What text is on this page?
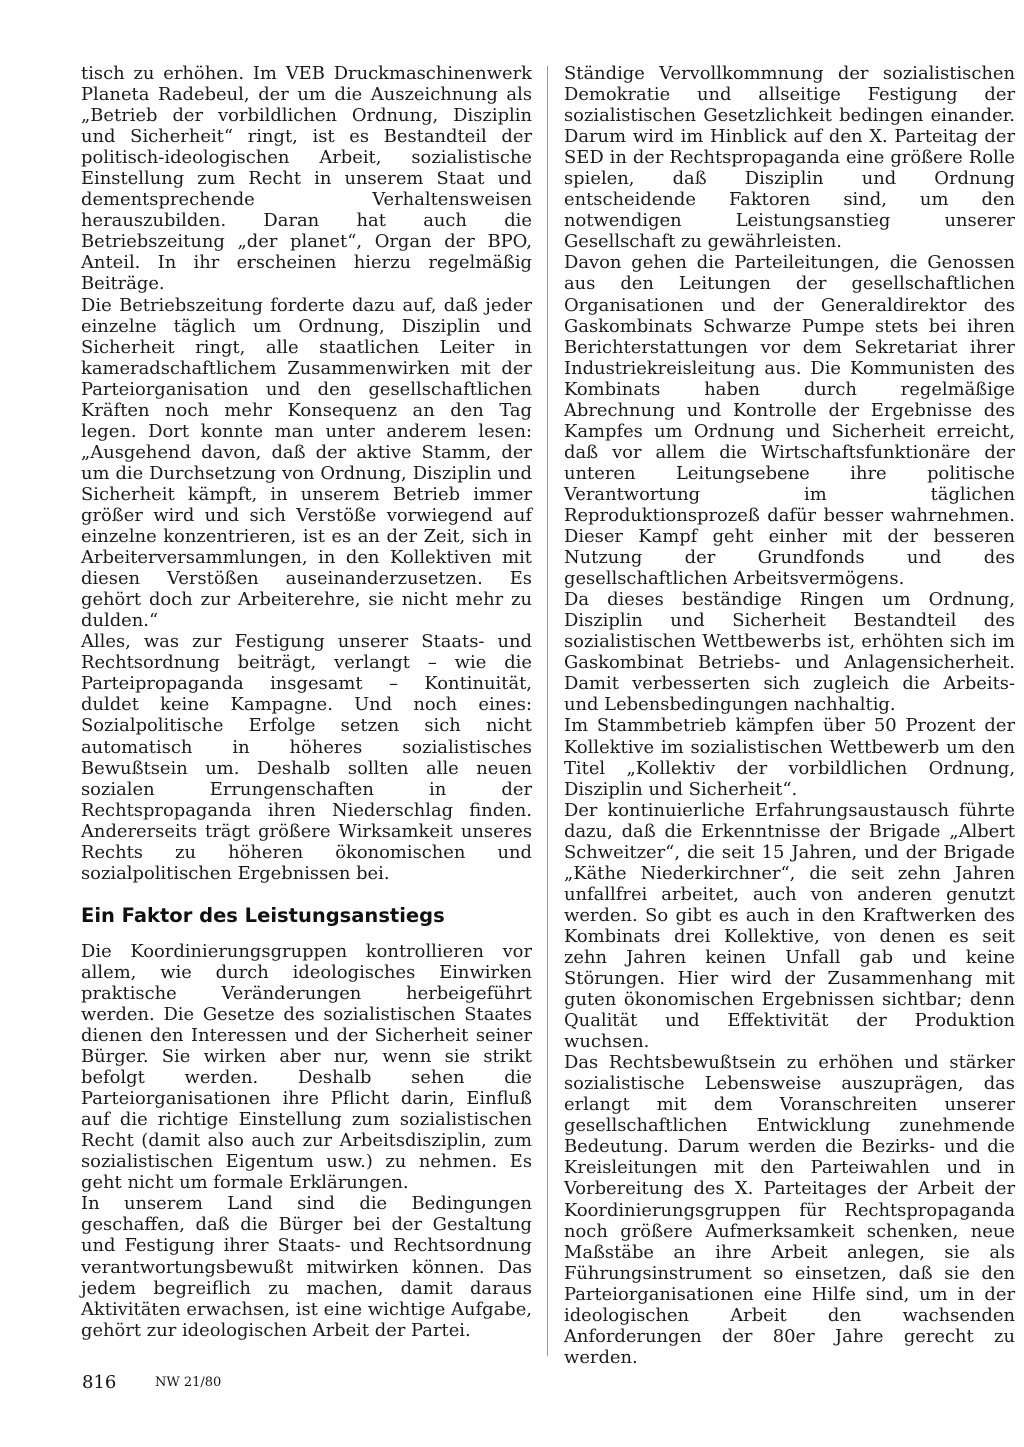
tisch zu erhöhen. Im VEB Druckmaschinenwerk Planeta Radebeul, der um die Auszeichnung als „Betrieb der vorbildlichen Ordnung, Disziplin und Sicherheit“ ringt, ist es Bestandteil der politisch-ideologischen Arbeit, sozialistische Einstellung zum Recht in unserem Staat und dementsprechende Verhaltensweisen herauszubilden. Daran hat auch die Betriebszeitung „der planet“, Organ der BPO, Anteil. In ihr erscheinen hierzu regelmäßig Beiträge.

Die Betriebszeitung forderte dazu auf, daß jeder einzelne täglich um Ordnung, Disziplin und Sicherheit ringt, alle staatlichen Leiter in kameradschaftlichem Zusammenwirken mit der Parteiorganisation und den gesellschaftlichen Kräften noch mehr Konsequenz an den Tag legen. Dort konnte man unter anderem lesen: „Ausgehend davon, daß der aktive Stamm, der um die Durchsetzung von Ordnung, Disziplin und Sicherheit kämpft, in unserem Betrieb immer größer wird und sich Verstöße vorwiegend auf einzelne konzentrieren, ist es an der Zeit, sich in Arbeiterversammlungen, in den Kollektiven mit diesen Verstößen auseinanderzusetzen. Es gehört doch zur Arbeiterehre, sie nicht mehr zu dulden.“

Alles, was zur Festigung unserer Staats- und Rechtsordnung beiträgt, verlangt – wie die Parteipropaganda insgesamt – Kontinuität, duldet keine Kampagne. Und noch eines: Sozialpolitische Erfolge setzen sich nicht automatisch in höheres sozialistisches Bewußtsein um. Deshalb sollten alle neuen sozialen Errungenschaften in der Rechtspropaganda ihren Niederschlag finden. Andererseits trägt größere Wirksamkeit unseres Rechts zu höheren ökonomischen und sozialpolitischen Ergebnissen bei.

Ein Faktor des Leistungsanstiegs

Die Koordinierungsgruppen kontrollieren vor allem, wie durch ideologisches Einwirken praktische Veränderungen herbeigeführt werden. Die Gesetze des sozialistischen Staates dienen den Interessen und der Sicherheit seiner Bürger. Sie wirken aber nur, wenn sie strikt befolgt werden. Deshalb sehen die Parteiorganisationen ihre Pflicht darin, Einfluß auf die richtige Einstellung zum sozialistischen Recht (damit also auch zur Arbeitsdisziplin, zum sozialistischen Eigentum usw.) zu nehmen. Es geht nicht um formale Erklärungen.

In unserem Land sind die Bedingungen geschaffen, daß die Bürger bei der Gestaltung und Festigung ihrer Staats- und Rechtsordnung verantwortungsbewußt mitwirken können. Das jedem begreiflich zu machen, damit daraus Aktivitäten erwachsen, ist eine wichtige Aufgabe, gehört zur ideologischen Arbeit der Partei.

Ständige Vervollkommnung der sozialistischen Demokratie und allseitige Festigung der sozialistischen Gesetzlichkeit bedingen einander. Darum wird im Hinblick auf den X. Parteitag der SED in der Rechtspropaganda eine größere Rolle spielen, daß Disziplin und Ordnung entscheidende Faktoren sind, um den notwendigen Leistungsanstieg unserer Gesellschaft zu gewährleisten.

Davon gehen die Parteileitungen, die Genossen aus den Leitungen der gesellschaftlichen Organisationen und der Generaldirektor des Gaskombinats Schwarze Pumpe stets bei ihren Berichterstattungen vor dem Sekretariat ihrer Industriekreisleitung aus. Die Kommunisten des Kombinats haben durch regelmäßige Abrechnung und Kontrolle der Ergebnisse des Kampfes um Ordnung und Sicherheit erreicht, daß vor allem die Wirtschaftsfunktionäre der unteren Leitungsebene ihre politische Verantwortung im täglichen Reproduktionsprozeß dafür besser wahrnehmen. Dieser Kampf geht einher mit der besseren Nutzung der Grundfonds und des gesellschaftlichen Arbeitsvermögens.

Da dieses beständige Ringen um Ordnung, Disziplin und Sicherheit Bestandteil des sozialistischen Wettbewerbs ist, erhöhten sich im Gaskombinat Betriebs- und Anlagensicherheit. Damit verbesserten sich zugleich die Arbeits- und Lebensbedingungen nachhaltig.

Im Stammbetrieb kämpfen über 50 Prozent der Kollektive im sozialistischen Wettbewerb um den Titel „Kollektiv der vorbildlichen Ordnung, Disziplin und Sicherheit“.

Der kontinuierliche Erfahrungsaustausch führte dazu, daß die Erkenntnisse der Brigade „Albert Schweitzer“, die seit 15 Jahren, und der Brigade „Käthe Niederkirchner“, die seit zehn Jahren unfallfrei arbeitet, auch von anderen genutzt werden. So gibt es auch in den Kraftwerken des Kombinats drei Kollektive, von denen es seit zehn Jahren keinen Unfall gab und keine Störungen. Hier wird der Zusammenhang mit guten ökonomischen Ergebnissen sichtbar; denn Qualität und Effektivität der Produktion wuchsen.

Das Rechtsbewußtsein zu erhöhen und stärker sozialistische Lebensweise auszuprägen, das erlangt mit dem Voranschreiten unserer gesellschaftlichen Entwicklung zunehmende Bedeutung. Darum werden die Bezirks- und die Kreisleitungen mit den Parteiwahlen und in Vorbereitung des X. Parteitages der Arbeit der Koordinierungsgruppen für Rechtspropaganda noch größere Aufmerksamkeit schenken, neue Maßstäbe an ihre Arbeit anlegen, sie als Führungsinstrument so einsetzen, daß sie den Parteiorganisationen eine Hilfe sind, um in der ideologischen Arbeit den wachsenden Anforderungen der 80er Jahre gerecht zu werden.

816	NW 21/80
